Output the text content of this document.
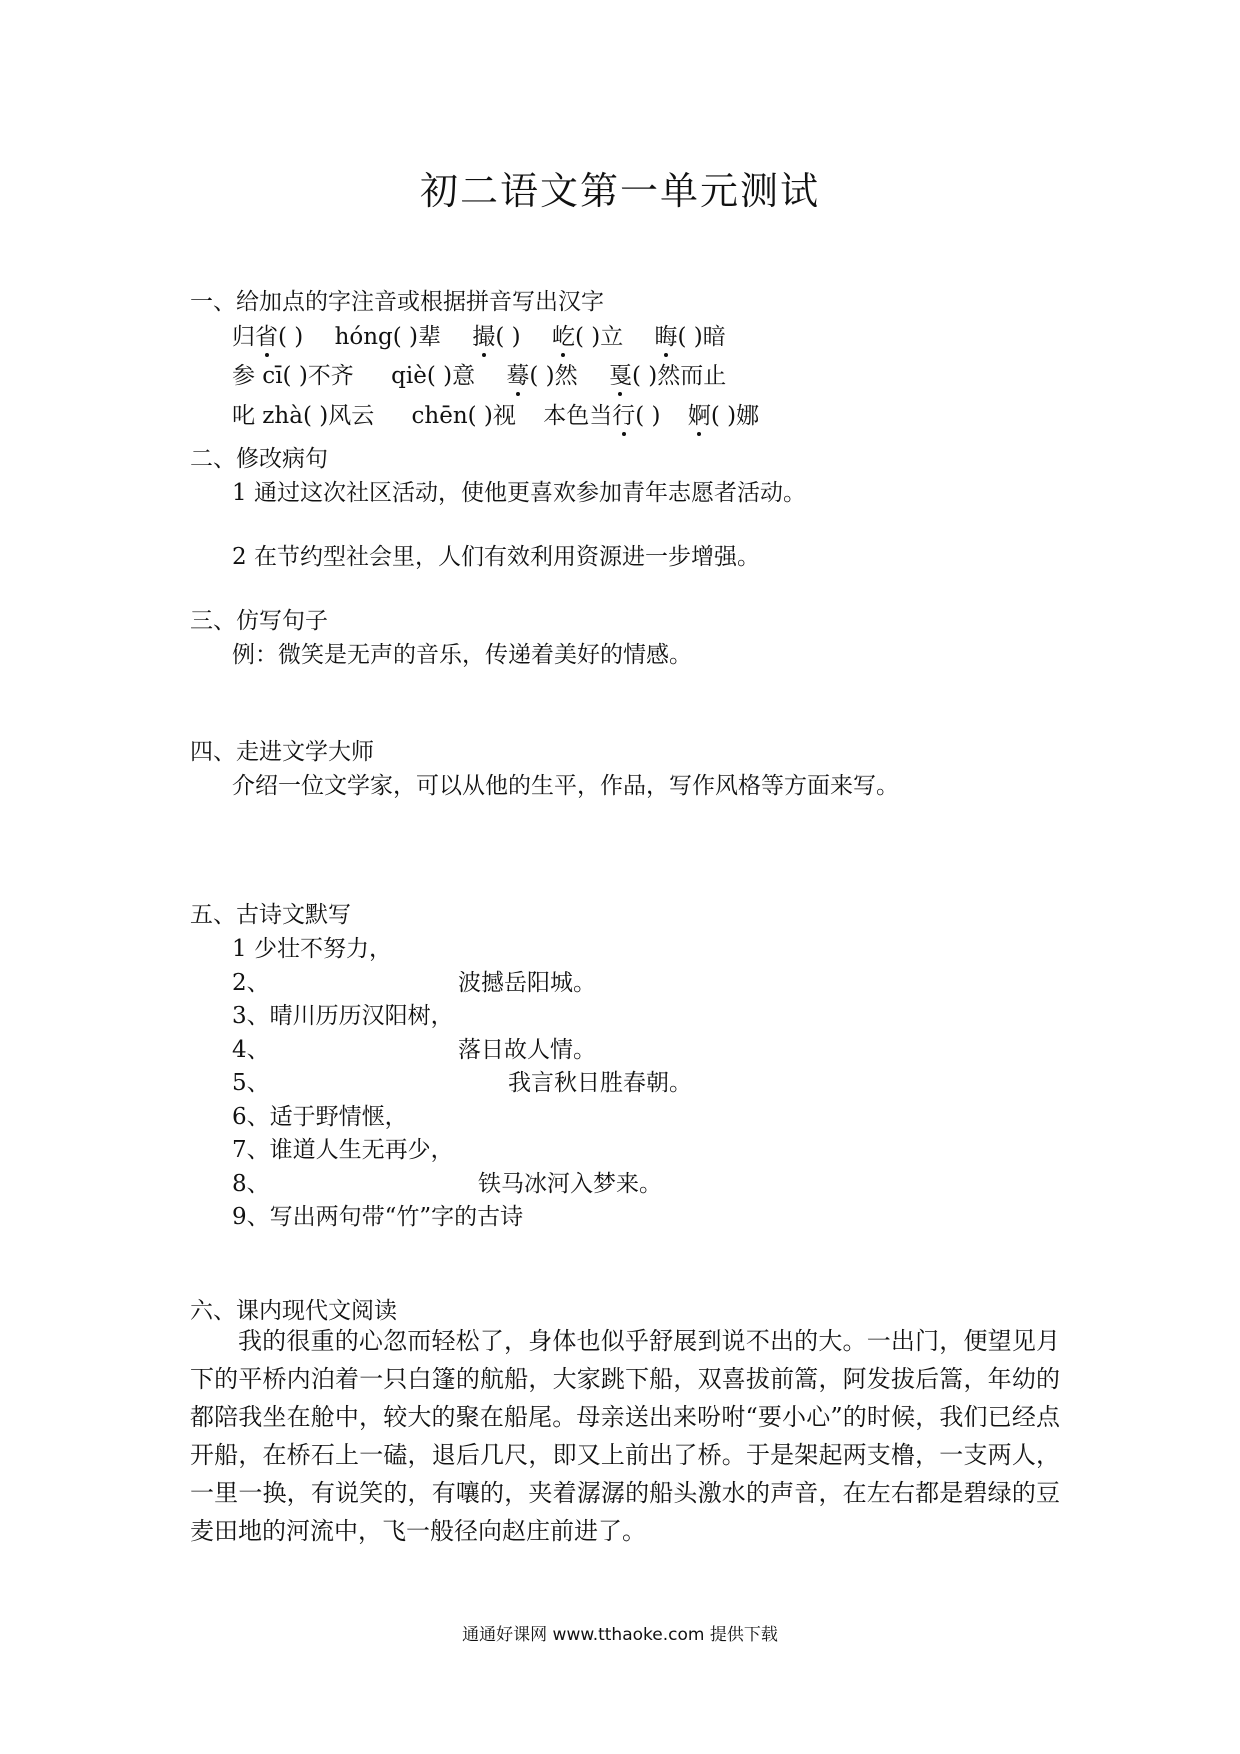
初二语文第一单元测试
一、给加点的字注音或根据拼音写出汉字
归省( ) hóng( )辈 撮( ) 屹( )立 晦( )暗
参 cī( )不齐 qiè( )意 蓦( )然 戛( )然而止
叱 zhà( )风云 chēn( )视 本色当行( ) 婀( )娜
二、修改病句
1 通过这次社区活动，使他更喜欢参加青年志愿者活动。
2 在节约型社会里，人们有效利用资源进一步增强。
三、仿写句子
例：微笑是无声的音乐，传递着美好的情感。
四、走进文学大师
介绍一位文学家，可以从他的生平，作品，写作风格等方面来写。
五、古诗文默写
1 少壮不努力，
2、	波撼岳阳城。
3、晴川历历汉阳树，
4、	落日故人情。
5、	我言秋日胜春朝。
6、适于野情惬，
7、谁道人生无再少，
8、	铁马冰河入梦来。
9、写出两句带“竹”字的古诗
六、课内现代文阅读

我的很重的心忽而轻松了，身体也似乎舒展到说不出的大。一出门，便望见月下的平桥内泊着一只白篷的航船，大家跳下船，双喜拔前篙，阿发拔后篙，年幼的都陪我坐在舱中，较大的聚在船尾。母亲送出来吩咐“要小心”的时候，我们已经点开船，在桥石上一磕，退后几尺，即又上前出了桥。于是架起两支橹，一支两人，一里一换，有说笑的，有嚷的，夹着潺潺的船头激水的声音，在左右都是碧绿的豆麦田地的河流中，飞一般径向赵庄前进了。

通通好课网 www.tthaoke.com 提供下载
